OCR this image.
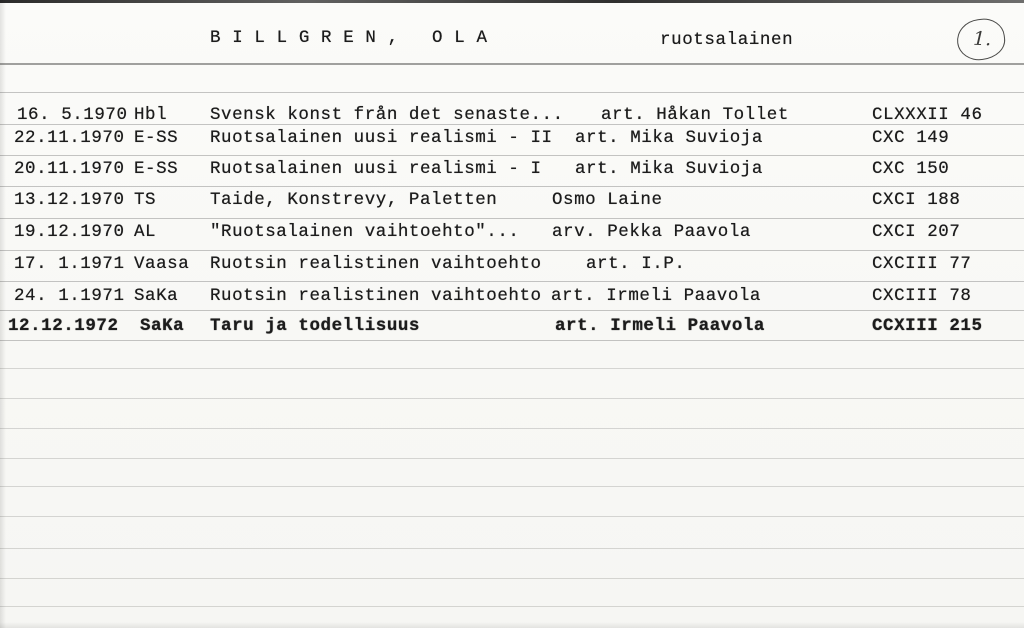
B I L L G R E N ,   O L A	ruotsalainen	1.
16. 5.1970 Hbl Svensk konst från det senaste... art. Håkan Tollet	CLXXXII 46
22.11.1970 E-SS Ruotsalainen uusi realismi - II art. Mika Suvioja	CXC 149
20.11.1970 E-SS Ruotsalainen uusi realismi - I art. Mika Suvioja	CXC 150
13.12.1970 TS	Taide, Konstrevy, Paletten	Osmo Laine	CXCI 188
19.12.1970 AL	"Ruotsalainen vaihtoehto"... arv. Pekka Paavola	CXCI 207
17. 1.1971 Vaasa Ruotsin realistinen vaihtoehto	art. I.P.	CXCIII 77
24. 1.1971 SaKa Ruotsin realistinen vaihtoehto art. Irmeli Paavola	CXCIII 78
12.12.1972 SaKa Taru ja todellisuus	art. Irmeli Paavola	CCXIII 215
